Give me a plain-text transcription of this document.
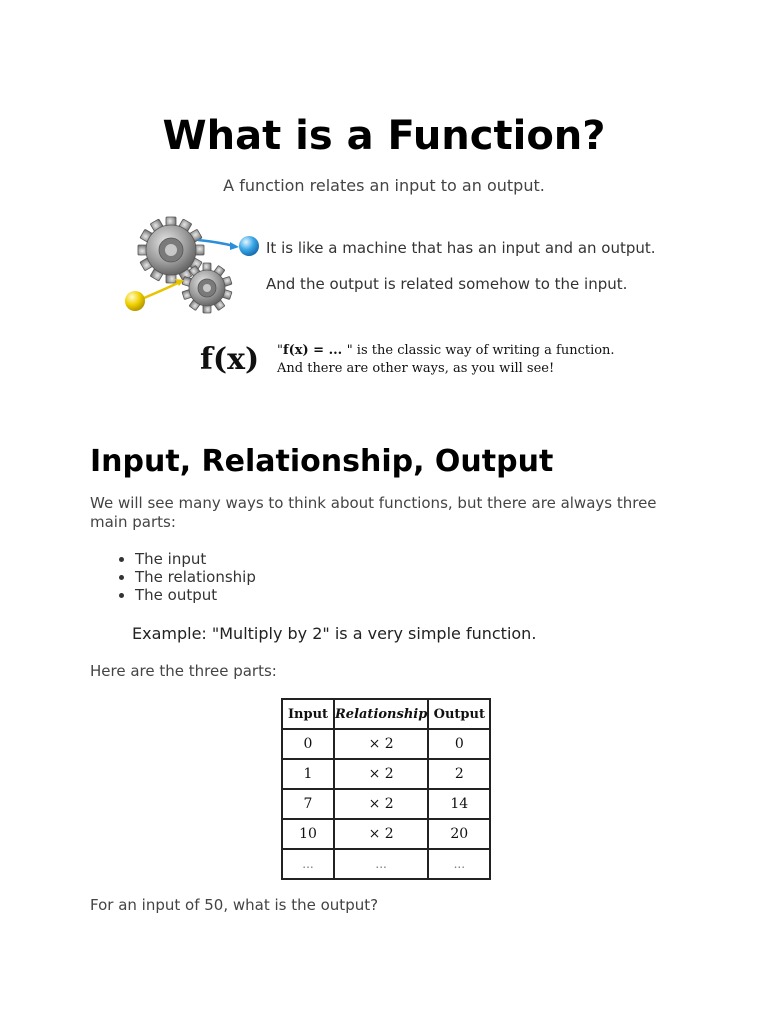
What is a Function?
A function relates an input to an output.
It is like a machine that has an input and an output.
And the output is related somehow to the input.
f(x) "f(x) = ... " is the classic way of writing a function.
And there are other ways, as you will see!
Input, Relationship, Output
We will see many ways to think about functions, but there are always three main parts:
• The input
• The relationship
• The output
Example: "Multiply by 2" is a very simple function.
Here are the three parts:
Input	Relationship	Output
0	× 2	0
1	× 2	2
7	× 2	14
10	× 2	20
...	...	...
For an input of 50, what is the output?
